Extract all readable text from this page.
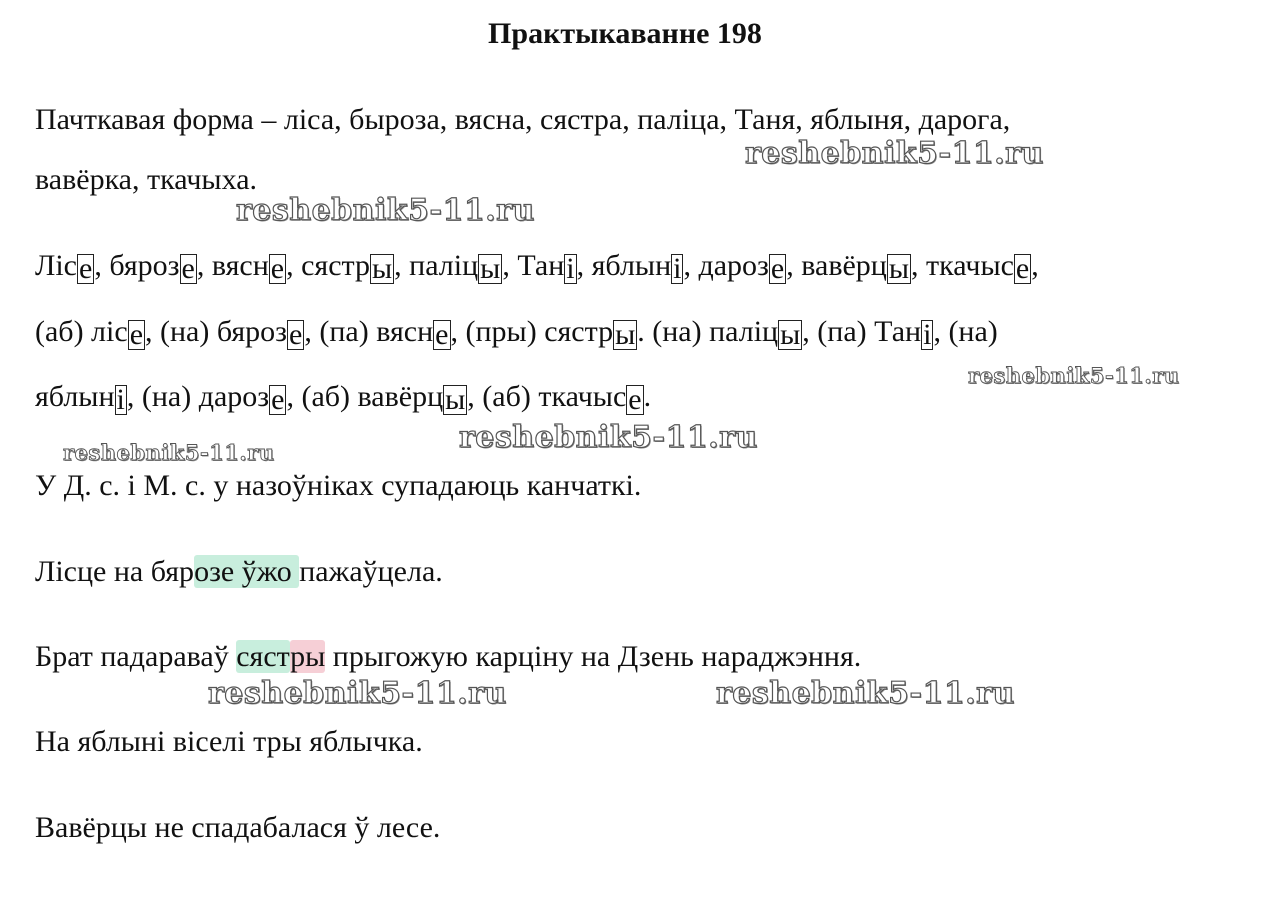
Практыкаванне 198
Пачткавая форма – ліса, бырозa, вясна, сястра, паліца, Таня, яблыня, дарога,
вавёрка, ткачыха.
Лісе, бярозе, вясне, сястры, паліцы, Тані, яблыні, дарозе, вавёрцы, ткачысе,
(аб) лісе, (на) бярозе, (па) вясне, (пры) сястры. (на) паліцы, (па) Тані, (на)
яблыні, (на) дарозе, (аб) вавёрцы, (аб) ткачысе.
У Д. с. і М. с. у назоўніках супадаюць канчаткі.
Лісце на бярозе ўжо пажаўцела.
Брат падараваў сястры прыгожую карціну на Дзень нараджэння.
На яблыні віселі тры яблычка.
Вавёрцы не спадабалася ў лесе.
reshebnik5-11.ru
reshebnik5-11.ru
reshebnik5-11.ru
reshebnik5-11.ru
reshebnik5-11.ru
reshebnik5-11.ru	reshebnik5-11.ru
